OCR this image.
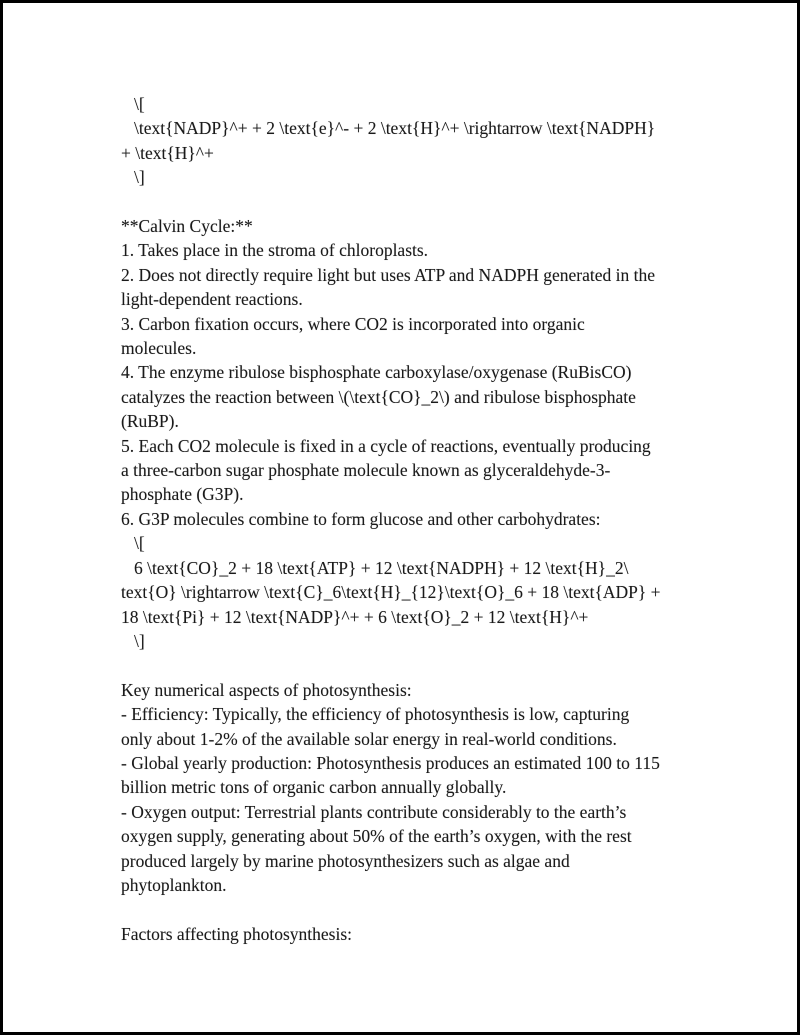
\[
\text{NADP}^+ + 2 \text{e}^- + 2 \text{H}^+ \rightarrow \text{NADPH}
+ \text{H}^+
\]
**Calvin Cycle:**
1. Takes place in the stroma of chloroplasts.
2. Does not directly require light but uses ATP and NADPH generated in the
light-dependent reactions.
3. Carbon fixation occurs, where CO2 is incorporated into organic
molecules.
4. The enzyme ribulose bisphosphate carboxylase/oxygenase (RuBisCO)
catalyzes the reaction between \(\text{CO}_2\) and ribulose bisphosphate
(RuBP).
5. Each CO2 molecule is fixed in a cycle of reactions, eventually producing
a three-carbon sugar phosphate molecule known as glyceraldehyde-3-
phosphate (G3P).
6. G3P molecules combine to form glucose and other carbohydrates:
\[
6 \text{CO}_2 + 18 \text{ATP} + 12 \text{NADPH} + 12 \text{H}_2\
text{O} \rightarrow \text{C}_6\text{H}_{12}\text{O}_6 + 18 \text{ADP} +
18 \text{Pi} + 12 \text{NADP}^+ + 6 \text{O}_2 + 12 \text{H}^+
\]
Key numerical aspects of photosynthesis:
- Efficiency: Typically, the efficiency of photosynthesis is low, capturing
only about 1-2% of the available solar energy in real-world conditions.
- Global yearly production: Photosynthesis produces an estimated 100 to 115
billion metric tons of organic carbon annually globally.
- Oxygen output: Terrestrial plants contribute considerably to the earth’s
oxygen supply, generating about 50% of the earth’s oxygen, with the rest
produced largely by marine photosynthesizers such as algae and
phytoplankton.
Factors affecting photosynthesis:
